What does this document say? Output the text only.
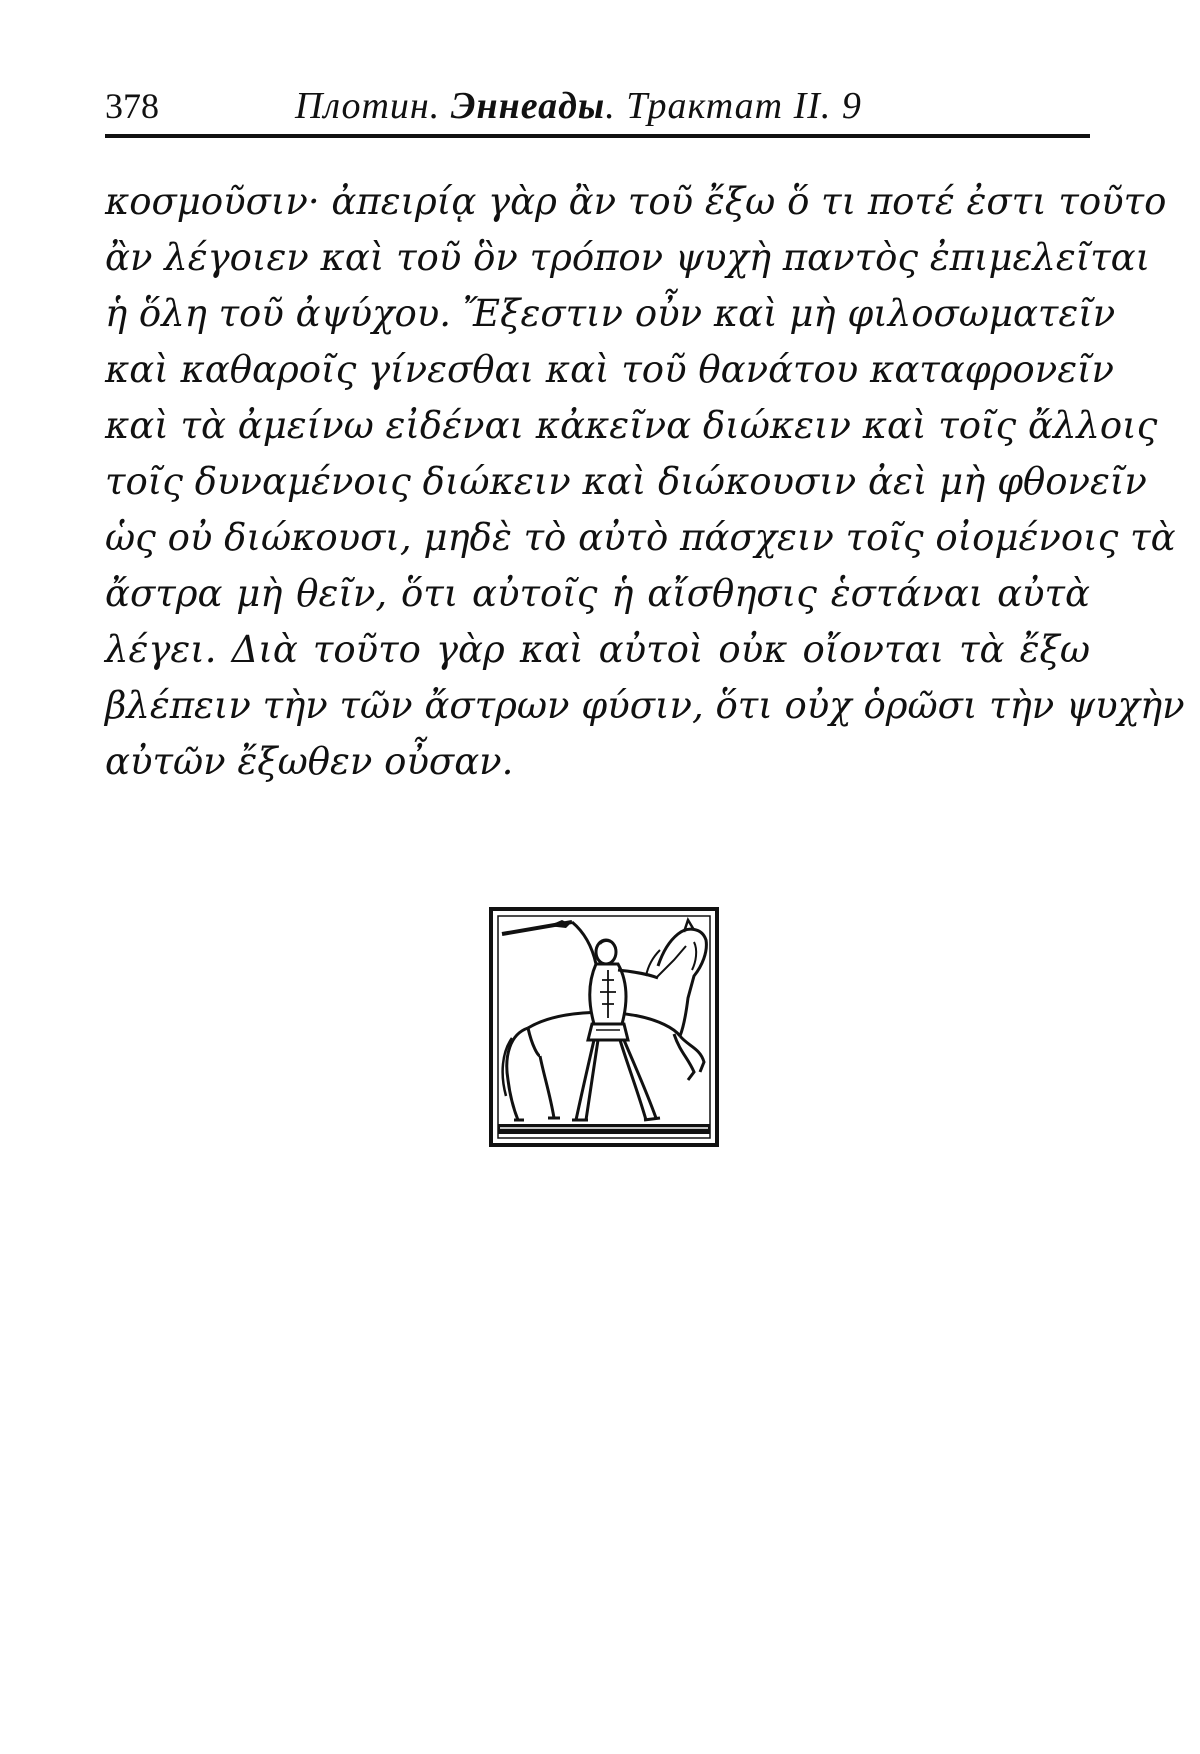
378	Плотин. Эннеады. Трактат II. 9
κοσμοῦσιν· ἀπειρίᾳ γὰρ ἂν τοῦ ἔξω ὅ τι ποτέ ἐστι τοῦτο
ἂν λέγοιεν καὶ τοῦ ὃν τρόπον ψυχὴ παντὸς ἐπιμελεῖται
ἡ ὅλη τοῦ ἀψύχου. Ἔξεστιν οὖν καὶ μὴ φιλοσωματεῖν
καὶ καθαροῖς γίνεσθαι καὶ τοῦ θανάτου καταφρονεῖν
καὶ τὰ ἀμείνω εἰδέναι κἀκεῖνα διώκειν καὶ τοῖς ἄλλοις
τοῖς δυναμένοις διώκειν καὶ διώκουσιν ἀεὶ μὴ φθονεῖν
ὡς οὐ διώκουσι, μηδὲ τὸ αὐτὸ πάσχειν τοῖς οἰομένοις τὰ
ἄστρα μὴ θεῖν, ὅτι αὐτοῖς ἡ αἴσθησις ἑστάναι αὐτὰ
λέγει. Διὰ τοῦτο γὰρ καὶ αὐτοὶ οὐκ οἴονται τὰ ἔξω
βλέπειν τὴν τῶν ἄστρων φύσιν, ὅτι οὐχ ὁρῶσι τὴν ψυχὴν
αὐτῶν ἔξωθεν οὖσαν.
